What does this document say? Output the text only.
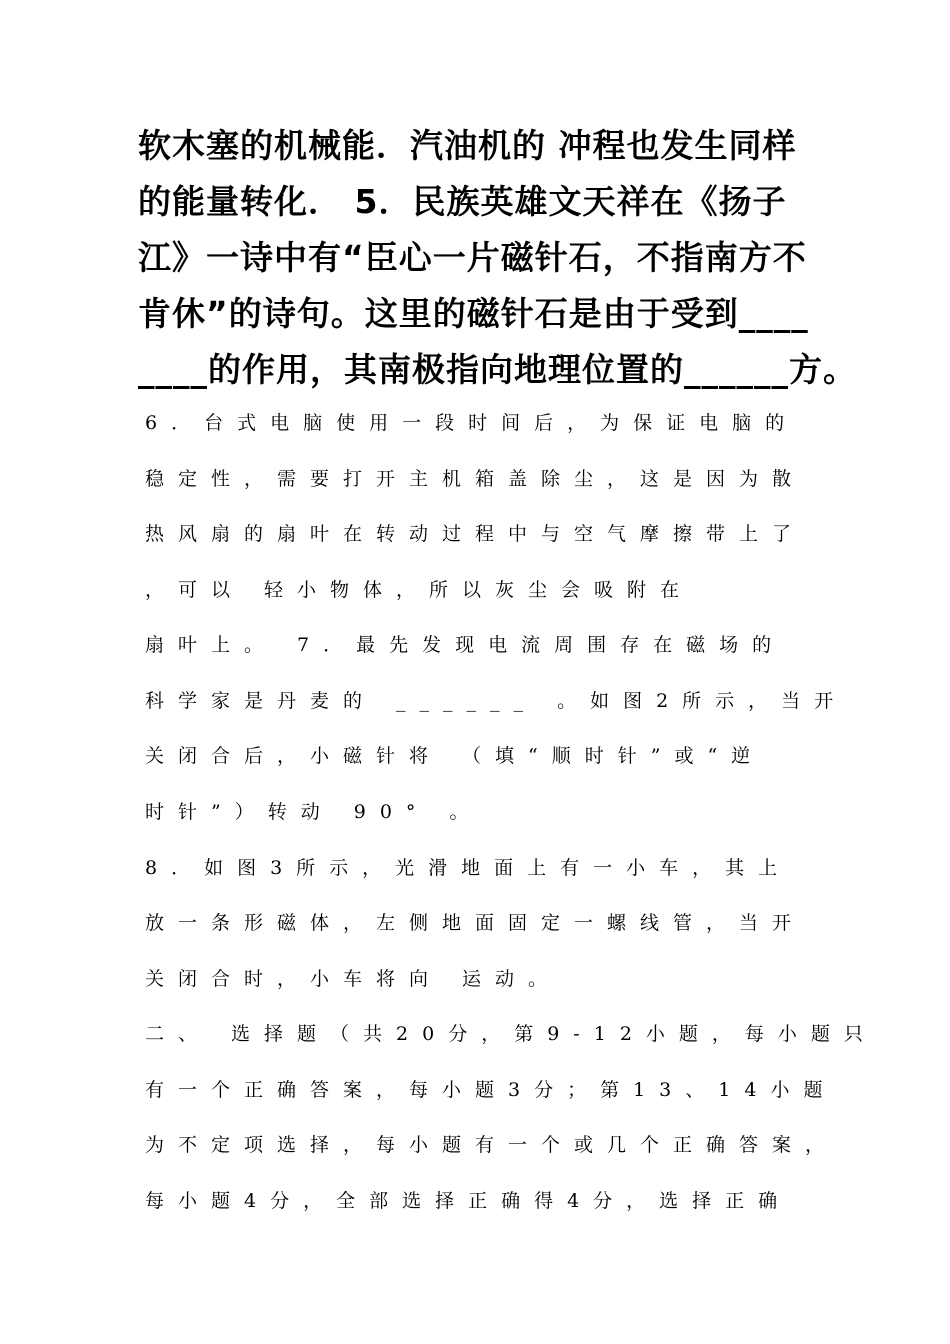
软木塞的机械能．汽油机的 冲程也发生同样
的能量转化． 5．民族英雄文天祥在《扬子
江》一诗中有“臣心一片磁针石，不指南方不
肯休”的诗句。这里的磁针石是由于受到____
____的作用，其南极指向地理位置的______方。
6．台式电脑使用一段时间后，为保证电脑的
稳定性，需要打开主机箱盖除尘，这是因为散
热风扇的扇叶在转动过程中与空气摩擦带上了
，可以 轻小物体，所以灰尘会吸附在
扇叶上。 7．最先发现电流周围存在磁场的
科学家是丹麦的 ______ 。如图2所示，当开
关闭合后，小磁针将 （填“顺时针”或“逆
时针”）转动 90° 。
8．如图3所示，光滑地面上有一小车，其上
放一条形磁体，左侧地面固定一螺线管，当开
关闭合时，小车将向 运动。
二、 选择题（共20分，第9-12小题，每小题只
有一个正确答案，每小题3分；第13、14小题
为不定项选择，每小题有一个或几个正确答案，
每小题4分，全部选择正确得4分，选择正确
